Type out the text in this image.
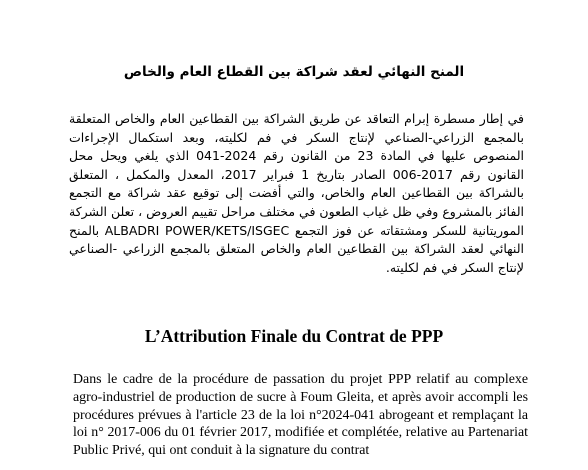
المنح النهائي لعقد شراكة بين القطاع العام والخاص

في إطار مسطرة إبرام التعاقد عن طريق الشراكة بين القطاعين العام والخاص المتعلقة بالمجمع الزراعي-الصناعي لإنتاج السكر في فم لكليته، وبعد استكمال الإجراءات المنصوص عليها في المادة 23 من القانون رقم 2024-041 الذي يلغي ويحل محل القانون رقم 2017-006 الصادر بتاريخ 1 فبراير 2017، المعدل والمكمل ، المتعلق بالشراكة بين القطاعين العام والخاص، والتي أفضت إلى توقيع عقد شراكة مع التجمع الفائز بالمشروع وفي ظل غياب الطعون في مختلف مراحل تقييم العروض ، تعلن الشركة الموريتانية للسكر ومشتقاته عن فوز التجمع ALBADRI POWER/KETS/ISGEC بالمنح النهائي لعقد الشراكة بين القطاعين العام والخاص المتعلق بالمجمع الزراعي -الصناعي لإنتاج السكر في فم لكليته.

L’Attribution Finale du Contrat de PPP

Dans le cadre de la procédure de passation du projet PPP relatif au complexe agro-industriel de production de sucre à Foum Gleita, et après avoir accompli les procédures prévues à l'article 23 de la loi n°2024-041 abrogeant et remplaçant la loi n° 2017-006 du 01 février 2017, modifiée et complétée, relative au Partenariat Public Privé, qui ont conduit à la signature du contrat
